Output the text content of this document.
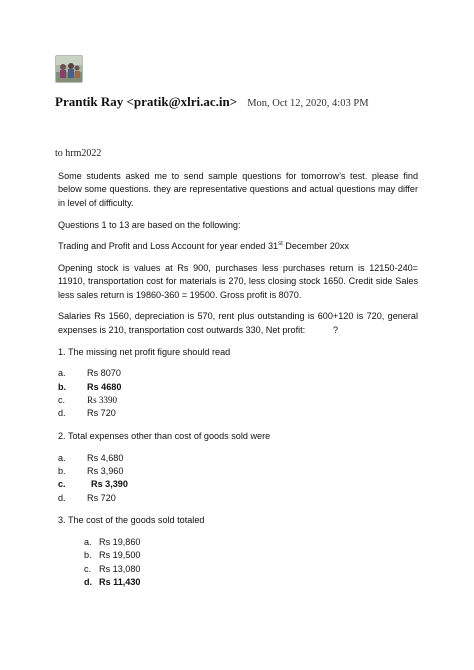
Prantik Ray <pratik@xlri.ac.in> Mon, Oct 12, 2020, 4:03 PM
to hrm2022

Some students asked me to send sample questions for tomorrow’s test. please find below some questions. they are representative questions and actual questions may differ in level of difficulty.

Questions 1 to 13 are based on the following:

Trading and Profit and Loss Account for year ended 31st December 20xx

Opening stock is values at Rs 900, purchases less purchases return is 12150-240= 11910, transportation cost for materials is 270, less closing stock 1650. Credit side Sales less sales return is 19860-360 = 19500. Gross profit is 8070.

Salaries Rs 1560, depreciation is 570, rent plus outstanding is 600+120 is 720, general expenses is 210, transportation cost outwards 330, Net profit:	?

1. The missing net profit figure should read

a.	Rs 8070
b.	Rs 4680
c.	Rs 3390
d.	Rs 720

2. Total expenses other than cost of goods sold were

a.	Rs 4,680
b.	Rs 3,960
c.	Rs 3,390
d.	Rs 720

3. The cost of the goods sold totaled

a. Rs 19,860
b. Rs 19,500
c. Rs 13,080
d. Rs 11,430
